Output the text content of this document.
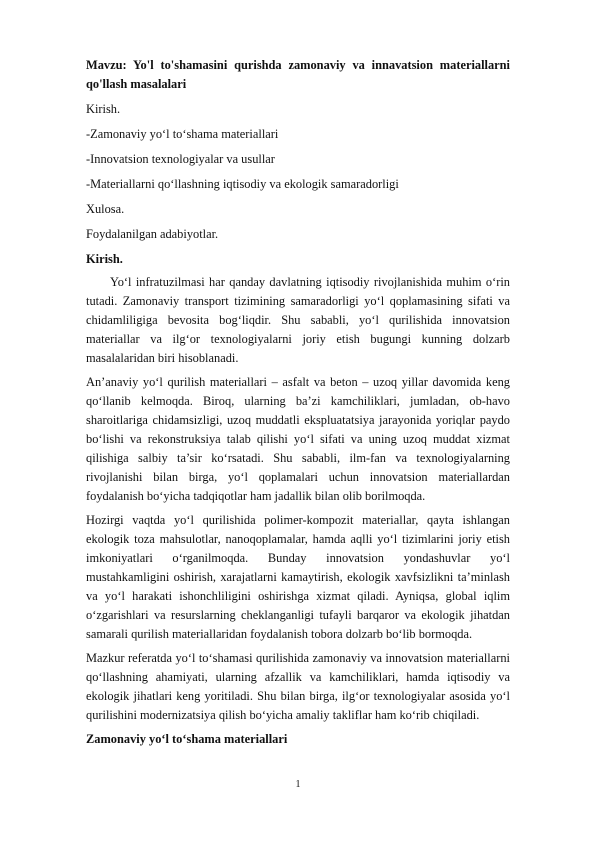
Mavzu: Yo'l to'shamasini qurishda zamonaviy va innavatsion materiallarni qo'llash masalalari

Kirish.

-Zamonaviy yo‘l to‘shama materiallari

-Innovatsion texnologiyalar va usullar

-Materiallarni qo‘llashning iqtisodiy va ekologik samaradorligi

Xulosa.

Foydalanilgan adabiyotlar.

Kirish.

Yo‘l infratuzilmasi har qanday davlatning iqtisodiy rivojlanishida muhim o‘rin tutadi. Zamonaviy transport tizimining samaradorligi yo‘l qoplamasining sifati va chidamliligiga bevosita bog‘liqdir. Shu sababli, yo‘l qurilishida innovatsion materiallar va ilg‘or texnologiyalarni joriy etish bugungi kunning dolzarb masalalaridan biri hisoblanadi.

An’anaviy yo‘l qurilish materiallari – asfalt va beton – uzoq yillar davomida keng qo‘llanib kelmoqda. Biroq, ularning ba’zi kamchiliklari, jumladan, ob-havo sharoitlariga chidamsizligi, uzoq muddatli ekspluatatsiya jarayonida yoriqlar paydo bo‘lishi va rekonstruksiya talab qilishi yo‘l sifati va uning uzoq muddat xizmat qilishiga salbiy ta’sir ko‘rsatadi. Shu sababli, ilm-fan va texnologiyalarning rivojlanishi bilan birga, yo‘l qoplamalari uchun innovatsion materiallardan foydalanish bo‘yicha tadqiqotlar ham jadallik bilan olib borilmoqda.

Hozirgi vaqtda yo‘l qurilishida polimer-kompozit materiallar, qayta ishlangan ekologik toza mahsulotlar, nanoqoplamalar, hamda aqlli yo‘l tizimlarini joriy etish imkoniyatlari o‘rganilmoqda. Bunday innovatsion yondashuvlar yo‘l mustahkamligini oshirish, xarajatlarni kamaytirish, ekologik xavfsizlikni ta’minlash va yo‘l harakati ishonchliligini oshirishga xizmat qiladi. Ayniqsa, global iqlim o‘zgarishlari va resurslarning cheklanganligi tufayli barqaror va ekologik jihatdan samarali qurilish materiallaridan foydalanish tobora dolzarb bo‘lib bormoqda.

Mazkur referatda yo‘l to‘shamasi qurilishida zamonaviy va innovatsion materiallarni qo‘llashning ahamiyati, ularning afzallik va kamchiliklari, hamda iqtisodiy va ekologik jihatlari keng yoritiladi. Shu bilan birga, ilg‘or texnologiyalar asosida yo‘l qurilishini modernizatsiya qilish bo‘yicha amaliy takliflar ham ko‘rib chiqiladi.

Zamonaviy yo‘l to‘shama materiallari

1
